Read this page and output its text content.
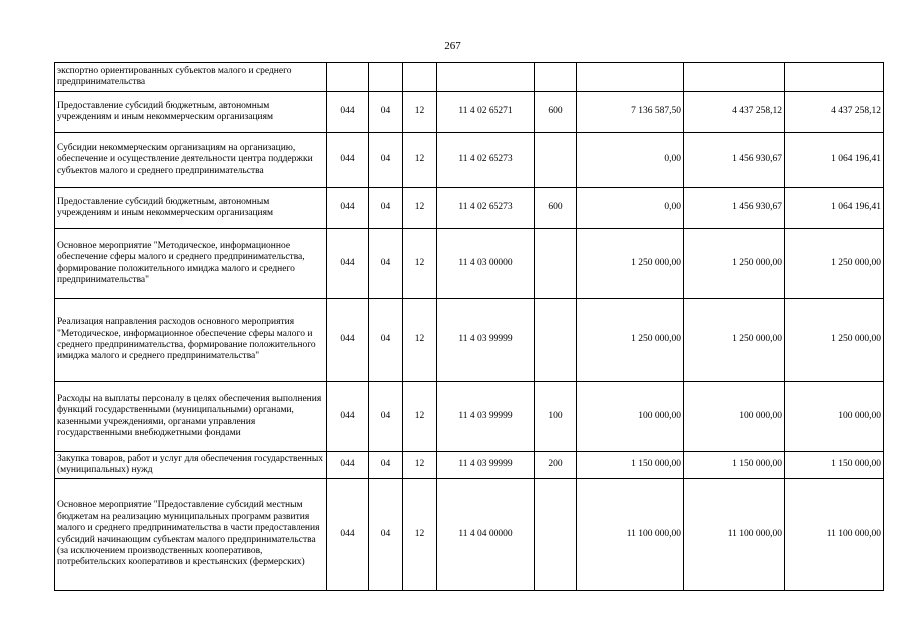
267
экспортно ориентированных субъектов малого и среднего предпринимательства								
Предоставление субсидий бюджетным, автономным учреждениям и иным некоммерческим организациям	044	04	12	11 4 02 65271	600	7 136 587,50	4 437 258,12	4 437 258,12
Субсидии некоммерческим организациям на организацию, обеспечение и осуществление деятельности центра поддержки субъектов малого и среднего предпринимательства	044	04	12	11 4 02 65273		0,00	1 456 930,67	1 064 196,41
Предоставление субсидий бюджетным, автономным учреждениям и иным некоммерческим организациям	044	04	12	11 4 02 65273	600	0,00	1 456 930,67	1 064 196,41
Основное мероприятие "Методическое, информационное обеспечение сферы малого и среднего предпринимательства, формирование положительного имиджа малого и среднего предпринимательства"	044	04	12	11 4 03 00000		1 250 000,00	1 250 000,00	1 250 000,00
Реализация направления расходов основного мероприятия "Методическое, информационное обеспечение сферы малого и среднего предпринимательства, формирование положительного имиджа малого и среднего предпринимательства"	044	04	12	11 4 03 99999		1 250 000,00	1 250 000,00	1 250 000,00
Расходы на выплаты персоналу в целях обеспечения выполнения функций государственными (муниципальными) органами, казенными учреждениями, органами управления государственными внебюджетными фондами	044	04	12	11 4 03 99999	100	100 000,00	100 000,00	100 000,00
Закупка товаров, работ и услуг для обеспечения государственных (муниципальных) нужд	044	04	12	11 4 03 99999	200	1 150 000,00	1 150 000,00	1 150 000,00
Основное мероприятие "Предоставление субсидий местным бюджетам на реализацию муниципальных программ развития малого и среднего предпринимательства в части предоставления субсидий начинающим субъектам малого предпринимательства (за исключением производственных кооперативов, потребительских кооперативов и крестьянских (фермерских)	044	04	12	11 4 04 00000		11 100 000,00	11 100 000,00	11 100 000,00
